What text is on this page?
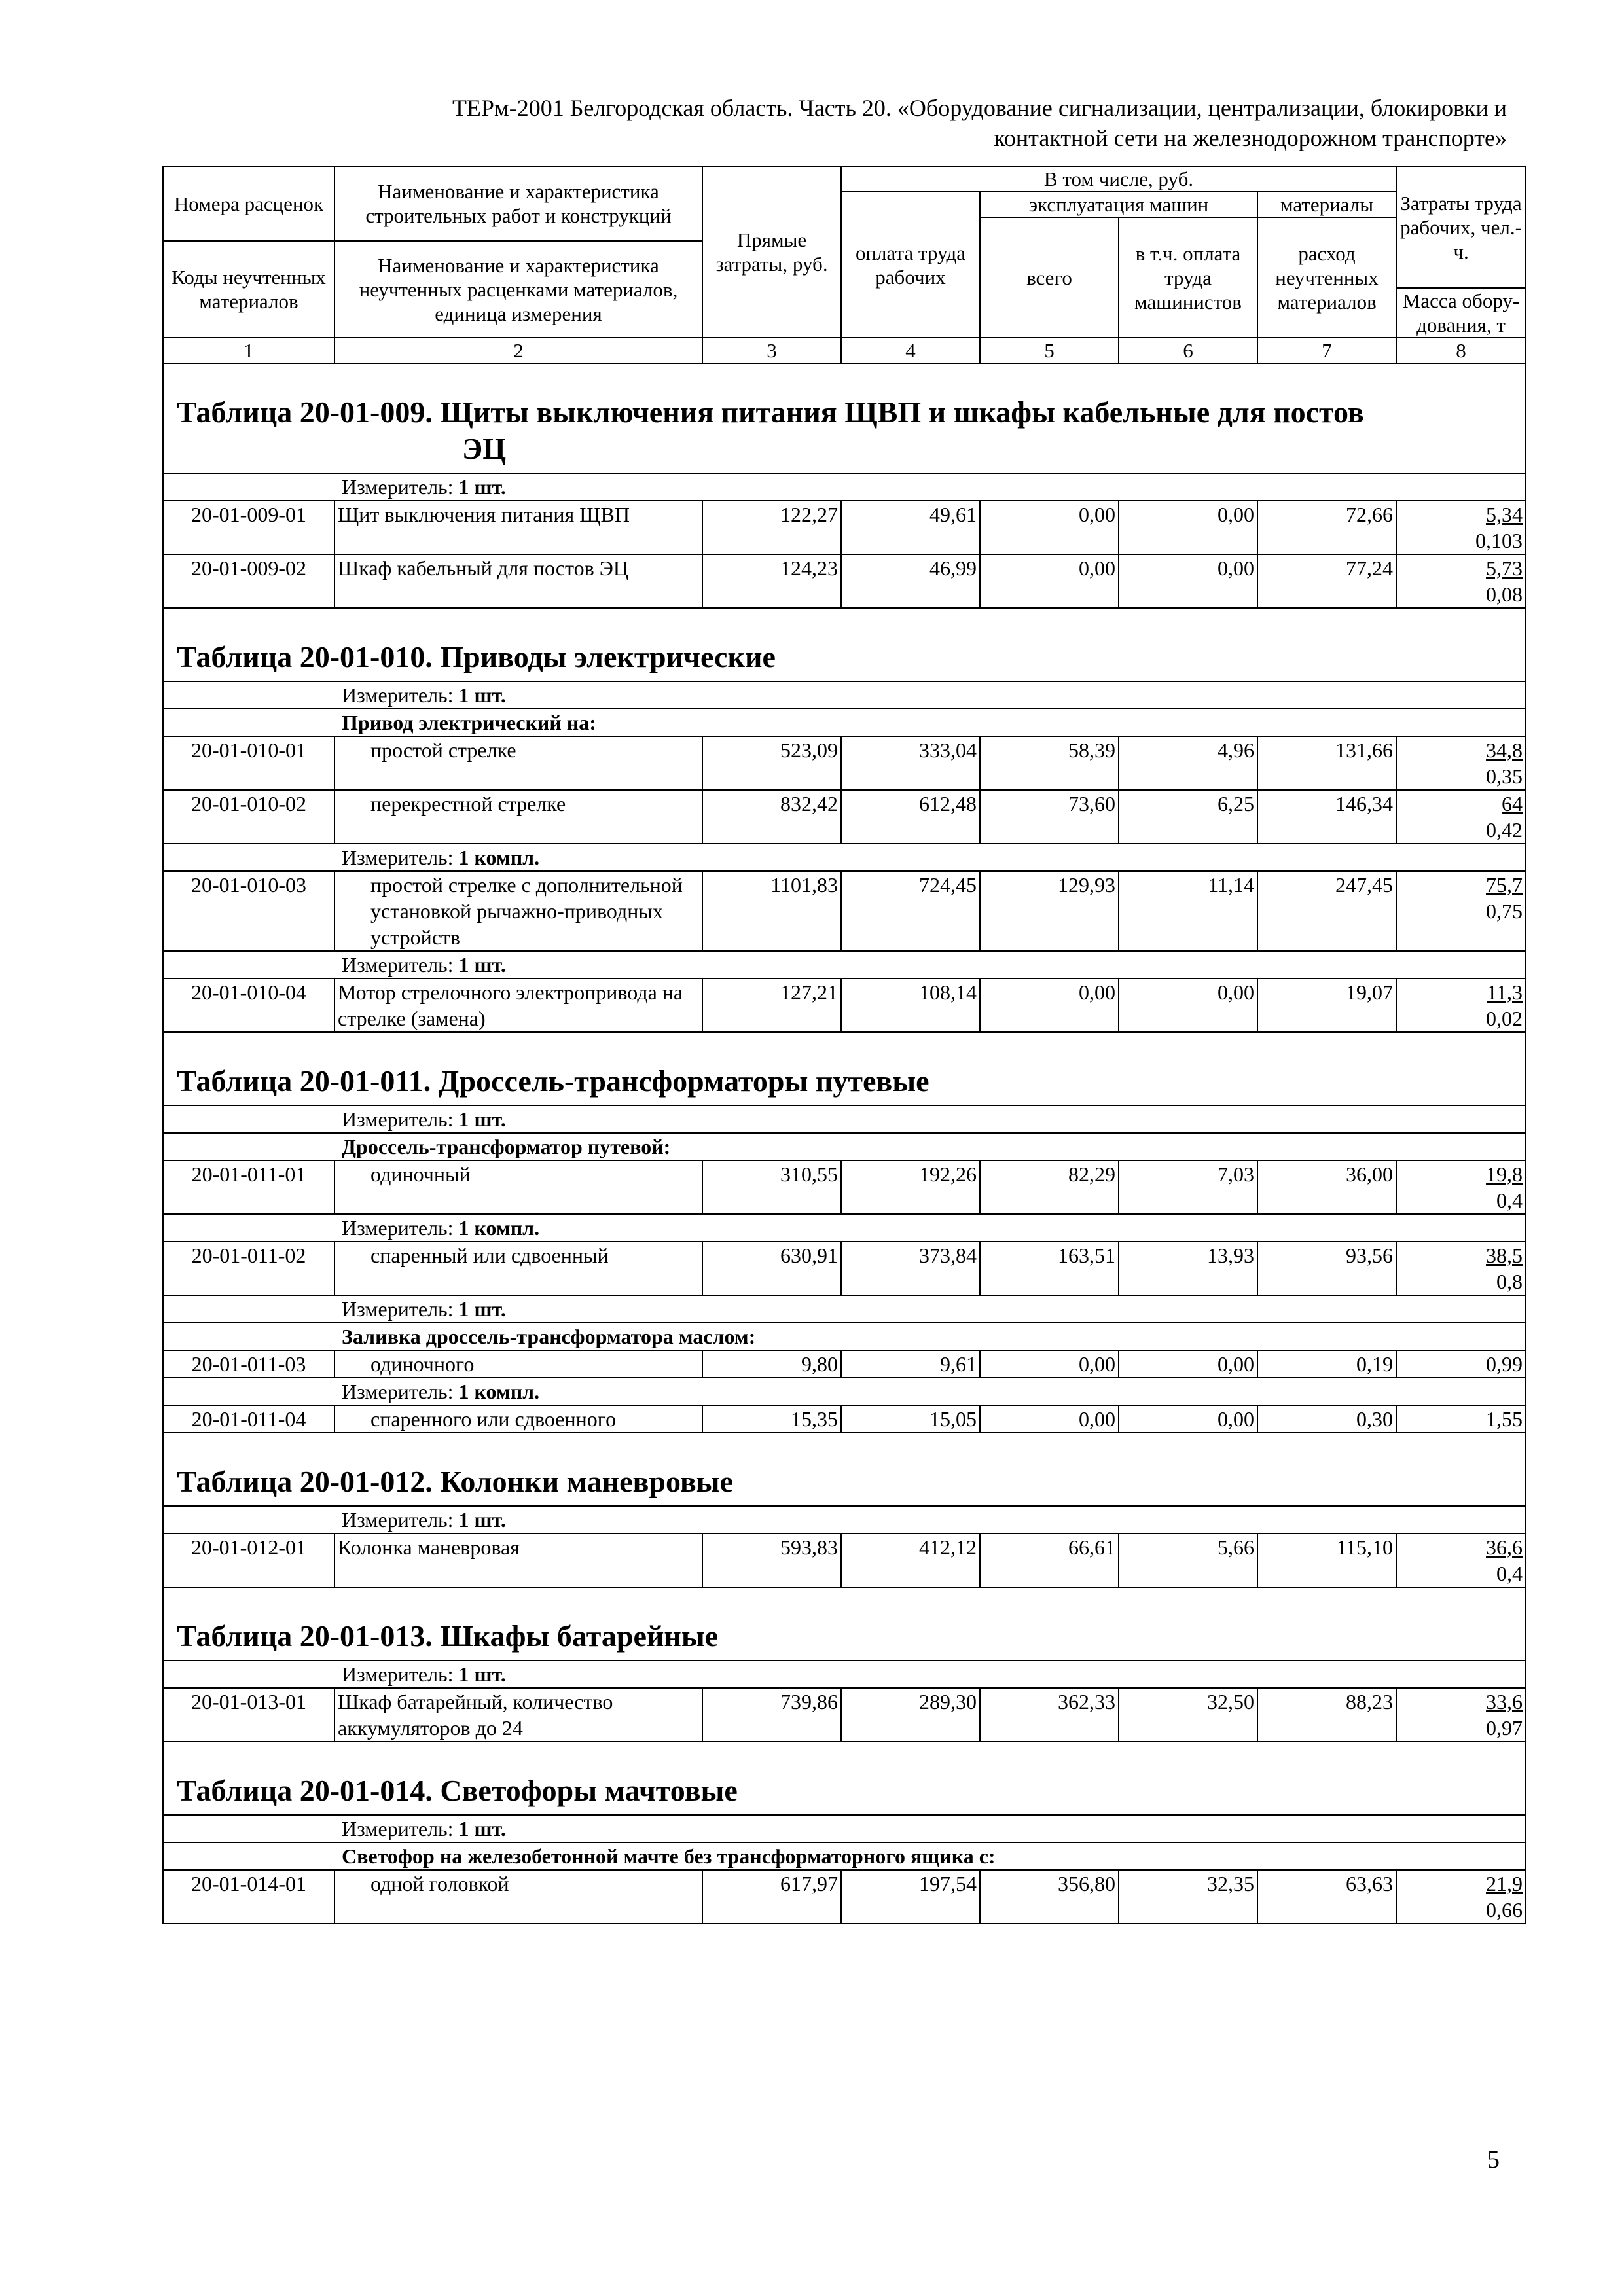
ТЕРм-2001 Белгородская область. Часть 20. «Оборудование сигнализации, централизации, блокировки и
контактной сети на железнодорожном транспорте»
Номера расценок	Наименование и характеристика строительных работ и конструкций	Прямые затраты, руб.	В том числе, руб.				Затраты труда рабочих, чел.-ч.
			оплата труда рабочих	эксплуатация машин		материалы	
				всего	в т.ч. оплата труда машинистов	расход неучтенных материалов	
Коды неучтенных материалов	Наименование и характеристика неучтенных расценками материалов, единица измерения						

							Масса обору-дования, т
1	2	3	4	5	6	7	8
Таблица 20-01-009. Щиты выключения питания ЩВП и шкафы кабельные для постов
ЭЦ							

Измеритель: 1 шт.							
20-01-009-01	Щит выключения питания ЩВП	122,27	49,61	0,00	0,00	72,66	5,34
0,103

20-01-009-02	Шкаф кабельный для постов ЭЦ	124,23	46,99	0,00	0,00	77,24	5,73
0,08

Таблица 20-01-010. Приводы электрические							
Измеритель: 1 шт.							
Привод электрический на:							
20-01-010-01	простой стрелке	523,09	333,04	58,39	4,96	131,66	34,8
0,35

20-01-010-02	перекрестной стрелке	832,42	612,48	73,60	6,25	146,34	64
0,42

Измеритель: 1 компл.							
20-01-010-03	простой стрелке с дополнительной установкой рычажно-приводных устройств	1101,83	724,45	129,93	11,14	247,45	75,7
0,75

Измеритель: 1 шт.							
20-01-010-04	Мотор стрелочного электропривода на стрелке (замена)	127,21	108,14	0,00	0,00	19,07	11,3
0,02

Таблица 20-01-011. Дроссель-трансформаторы путевые							
Измеритель: 1 шт.							
Дроссель-трансформатор путевой:							
20-01-011-01	одиночный	310,55	192,26	82,29	7,03	36,00	19,8
0,4

Измеритель: 1 компл.							
20-01-011-02	спаренный или сдвоенный	630,91	373,84	163,51	13,93	93,56	38,5
0,8

Измеритель: 1 шт.							
Заливка дроссель-трансформатора маслом:							
20-01-011-03	одиночного	9,80	9,61	0,00	0,00	0,19	0,99
Измеритель: 1 компл.							
20-01-011-04	спаренного или сдвоенного	15,35	15,05	0,00	0,00	0,30	1,55
Таблица 20-01-012. Колонки маневровые							
Измеритель: 1 шт.							
20-01-012-01	Колонка маневровая	593,83	412,12	66,61	5,66	115,10	36,6
0,4

Таблица 20-01-013. Шкафы батарейные							
Измеритель: 1 шт.							
20-01-013-01	Шкаф батарейный, количество аккумуляторов до 24	739,86	289,30	362,33	32,50	88,23	33,6
0,97

Таблица 20-01-014. Светофоры мачтовые							
Измеритель: 1 шт.							
Светофор на железобетонной мачте без трансформаторного ящика с:							
20-01-014-01	одной головкой	617,97	197,54	356,80	32,35	63,63	21,9
0,66
5
